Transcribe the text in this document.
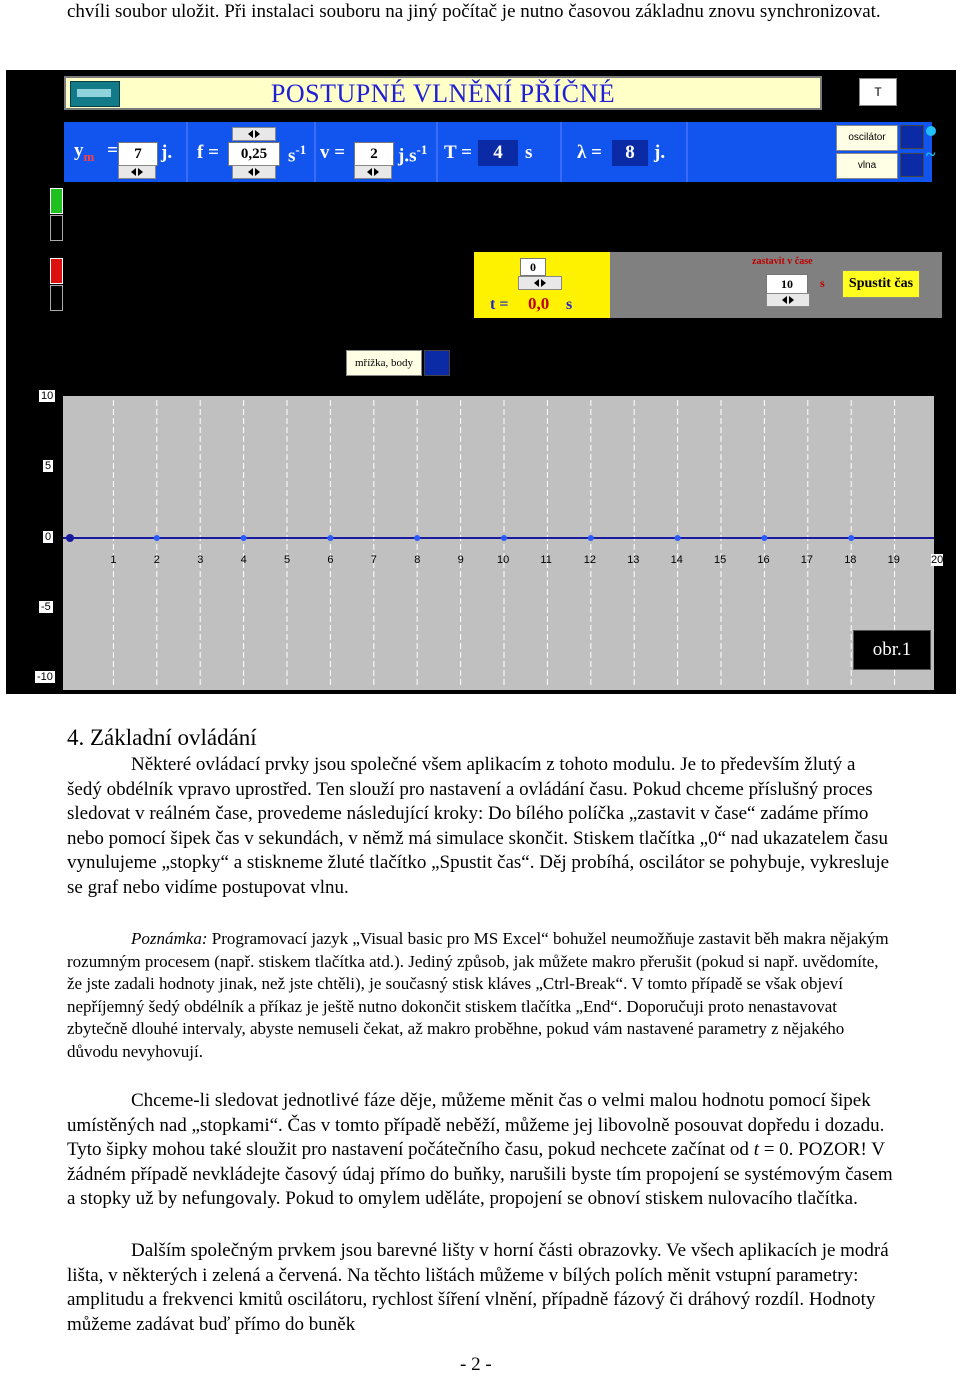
chvíli soubor uložit. Při instalaci souboru na jiný počítač je nutno časovou základnu znovu synchronizovat.
POSTUPNÉ VLNĚNÍ PŘÍČNÉ	T
$y_m$ =	7	j. f =	0,25	$s^{-1}$ v =	2	$j.s^{-1}$ T =	4	s λ =	8	j.
oscilátor
vlna
~
0
t = 0,0 s
zastavit v čase
10	s	Spustit čas
mřížka, body
10
5
0
-5
-10
1	2	3	4	5	6	7	8	9	10	11	12	13	14	15	16	17	18	19	20
obr.1
4. Základní ovládání
Některé ovládací prvky jsou společné všem aplikacím z tohoto modulu. Je to především žlutý a šedý obdélník vpravo uprostřed. Ten slouží pro nastavení a ovládání času. Pokud chceme příslušný proces sledovat v reálném čase, provedeme následující kroky: Do bílého políčka „zastavit v čase“ zadáme přímo nebo pomocí šipek čas v sekundách, v němž má simulace skončit. Stiskem tlačítka „0“ nad ukazatelem času vynulujeme „stopky“ a stiskneme žluté tlačítko „Spustit čas“. Děj probíhá, oscilátor se pohybuje, vykresluje se graf nebo vidíme postupovat vlnu.
Poznámka: Programovací jazyk „Visual basic pro MS Excel“ bohužel neumožňuje zastavit běh makra nějakým rozumným procesem (např. stiskem tlačítka atd.). Jediný způsob, jak můžete makro přerušit (pokud si např. uvědomíte, že jste zadali hodnoty jinak, než jste chtěli), je současný stisk kláves „Ctrl-Break“. V tomto případě se však objeví nepříjemný šedý obdélník a příkaz je ještě nutno dokončit stiskem tlačítka „End“. Doporučuji proto nenastavovat zbytečně dlouhé intervaly, abyste nemuseli čekat, až makro proběhne, pokud vám nastavené parametry z nějakého důvodu nevyhovují.
Chceme-li sledovat jednotlivé fáze děje, můžeme měnit čas o velmi malou hodnotu pomocí šipek umístěných nad „stopkami“. Čas v tomto případě neběží, můžeme jej libovolně posouvat dopředu i dozadu. Tyto šipky mohou také sloužit pro nastavení počátečního času, pokud nechcete začínat od t = 0. POZOR! V žádném případě nevkládejte časový údaj přímo do buňky, narušili byste tím propojení se systémovým časem a stopky už by nefungovaly. Pokud to omylem uděláte, propojení se obnoví stiskem nulovacího tlačítka.
Dalším společným prvkem jsou barevné lišty v horní části obrazovky. Ve všech aplikacích je modrá lišta, v některých i zelená a červená. Na těchto lištách můžeme v bílých polích měnit vstupní parametry: amplitudu a frekvenci kmitů oscilátoru, rychlost šíření vlnění, případně fázový či dráhový rozdíl. Hodnoty můžeme zadávat buď přímo do buněk
- 2 -
